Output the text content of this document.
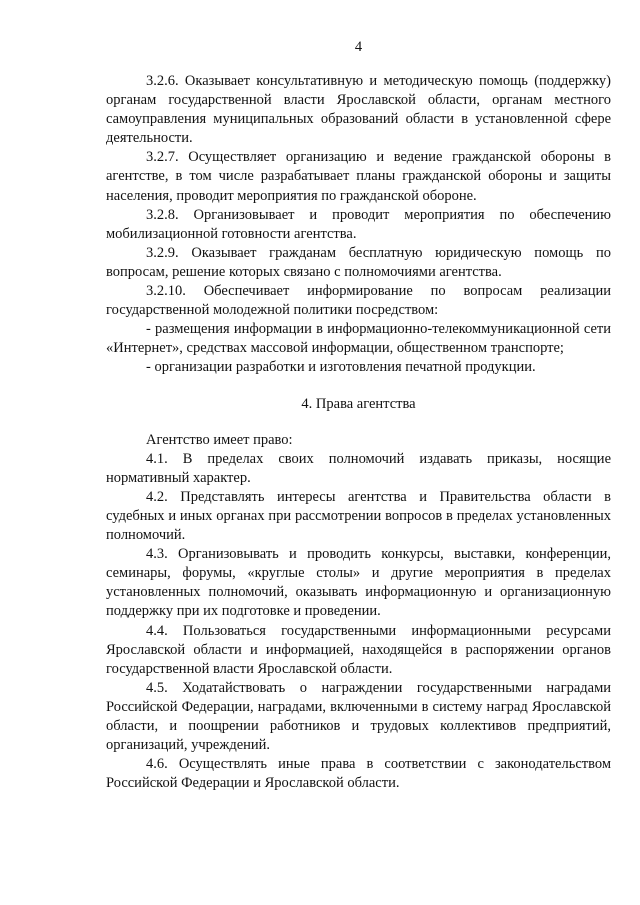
4

3.2.6. Оказывает консультативную и методическую помощь (поддержку) органам государственной власти Ярославской области, органам местного самоуправления муниципальных образований области в установленной сфере деятельности.

3.2.7. Осуществляет организацию и ведение гражданской обороны в агентстве, в том числе разрабатывает планы гражданской обороны и защиты населения, проводит мероприятия по гражданской обороне.

3.2.8. Организовывает и проводит мероприятия по обеспечению мобилизационной готовности агентства.

3.2.9. Оказывает гражданам бесплатную юридическую помощь по вопросам, решение которых связано с полномочиями агентства.

3.2.10. Обеспечивает информирование по вопросам реализации государственной молодежной политики посредством:

- размещения информации в информационно-телекоммуникационной сети «Интернет», средствах массовой информации, общественном транспорте;

- организации разработки и изготовления печатной продукции.

4. Права агентства

Агентство имеет право:

4.1. В пределах своих полномочий издавать приказы, носящие нормативный характер.

4.2. Представлять интересы агентства и Правительства области в судебных и иных органах при рассмотрении вопросов в пределах установленных полномочий.

4.3. Организовывать и проводить конкурсы, выставки, конференции, семинары, форумы, «круглые столы» и другие мероприятия в пределах установленных полномочий, оказывать информационную и организационную поддержку при их подготовке и проведении.

4.4. Пользоваться государственными информационными ресурсами Ярославской области и информацией, находящейся в распоряжении органов государственной власти Ярославской области.

4.5. Ходатайствовать о награждении государственными наградами Российской Федерации, наградами, включенными в систему наград Ярославской области, и поощрении работников и трудовых коллективов предприятий, организаций, учреждений.

4.6. Осуществлять иные права в соответствии с законодательством Российской Федерации и Ярославской области.
